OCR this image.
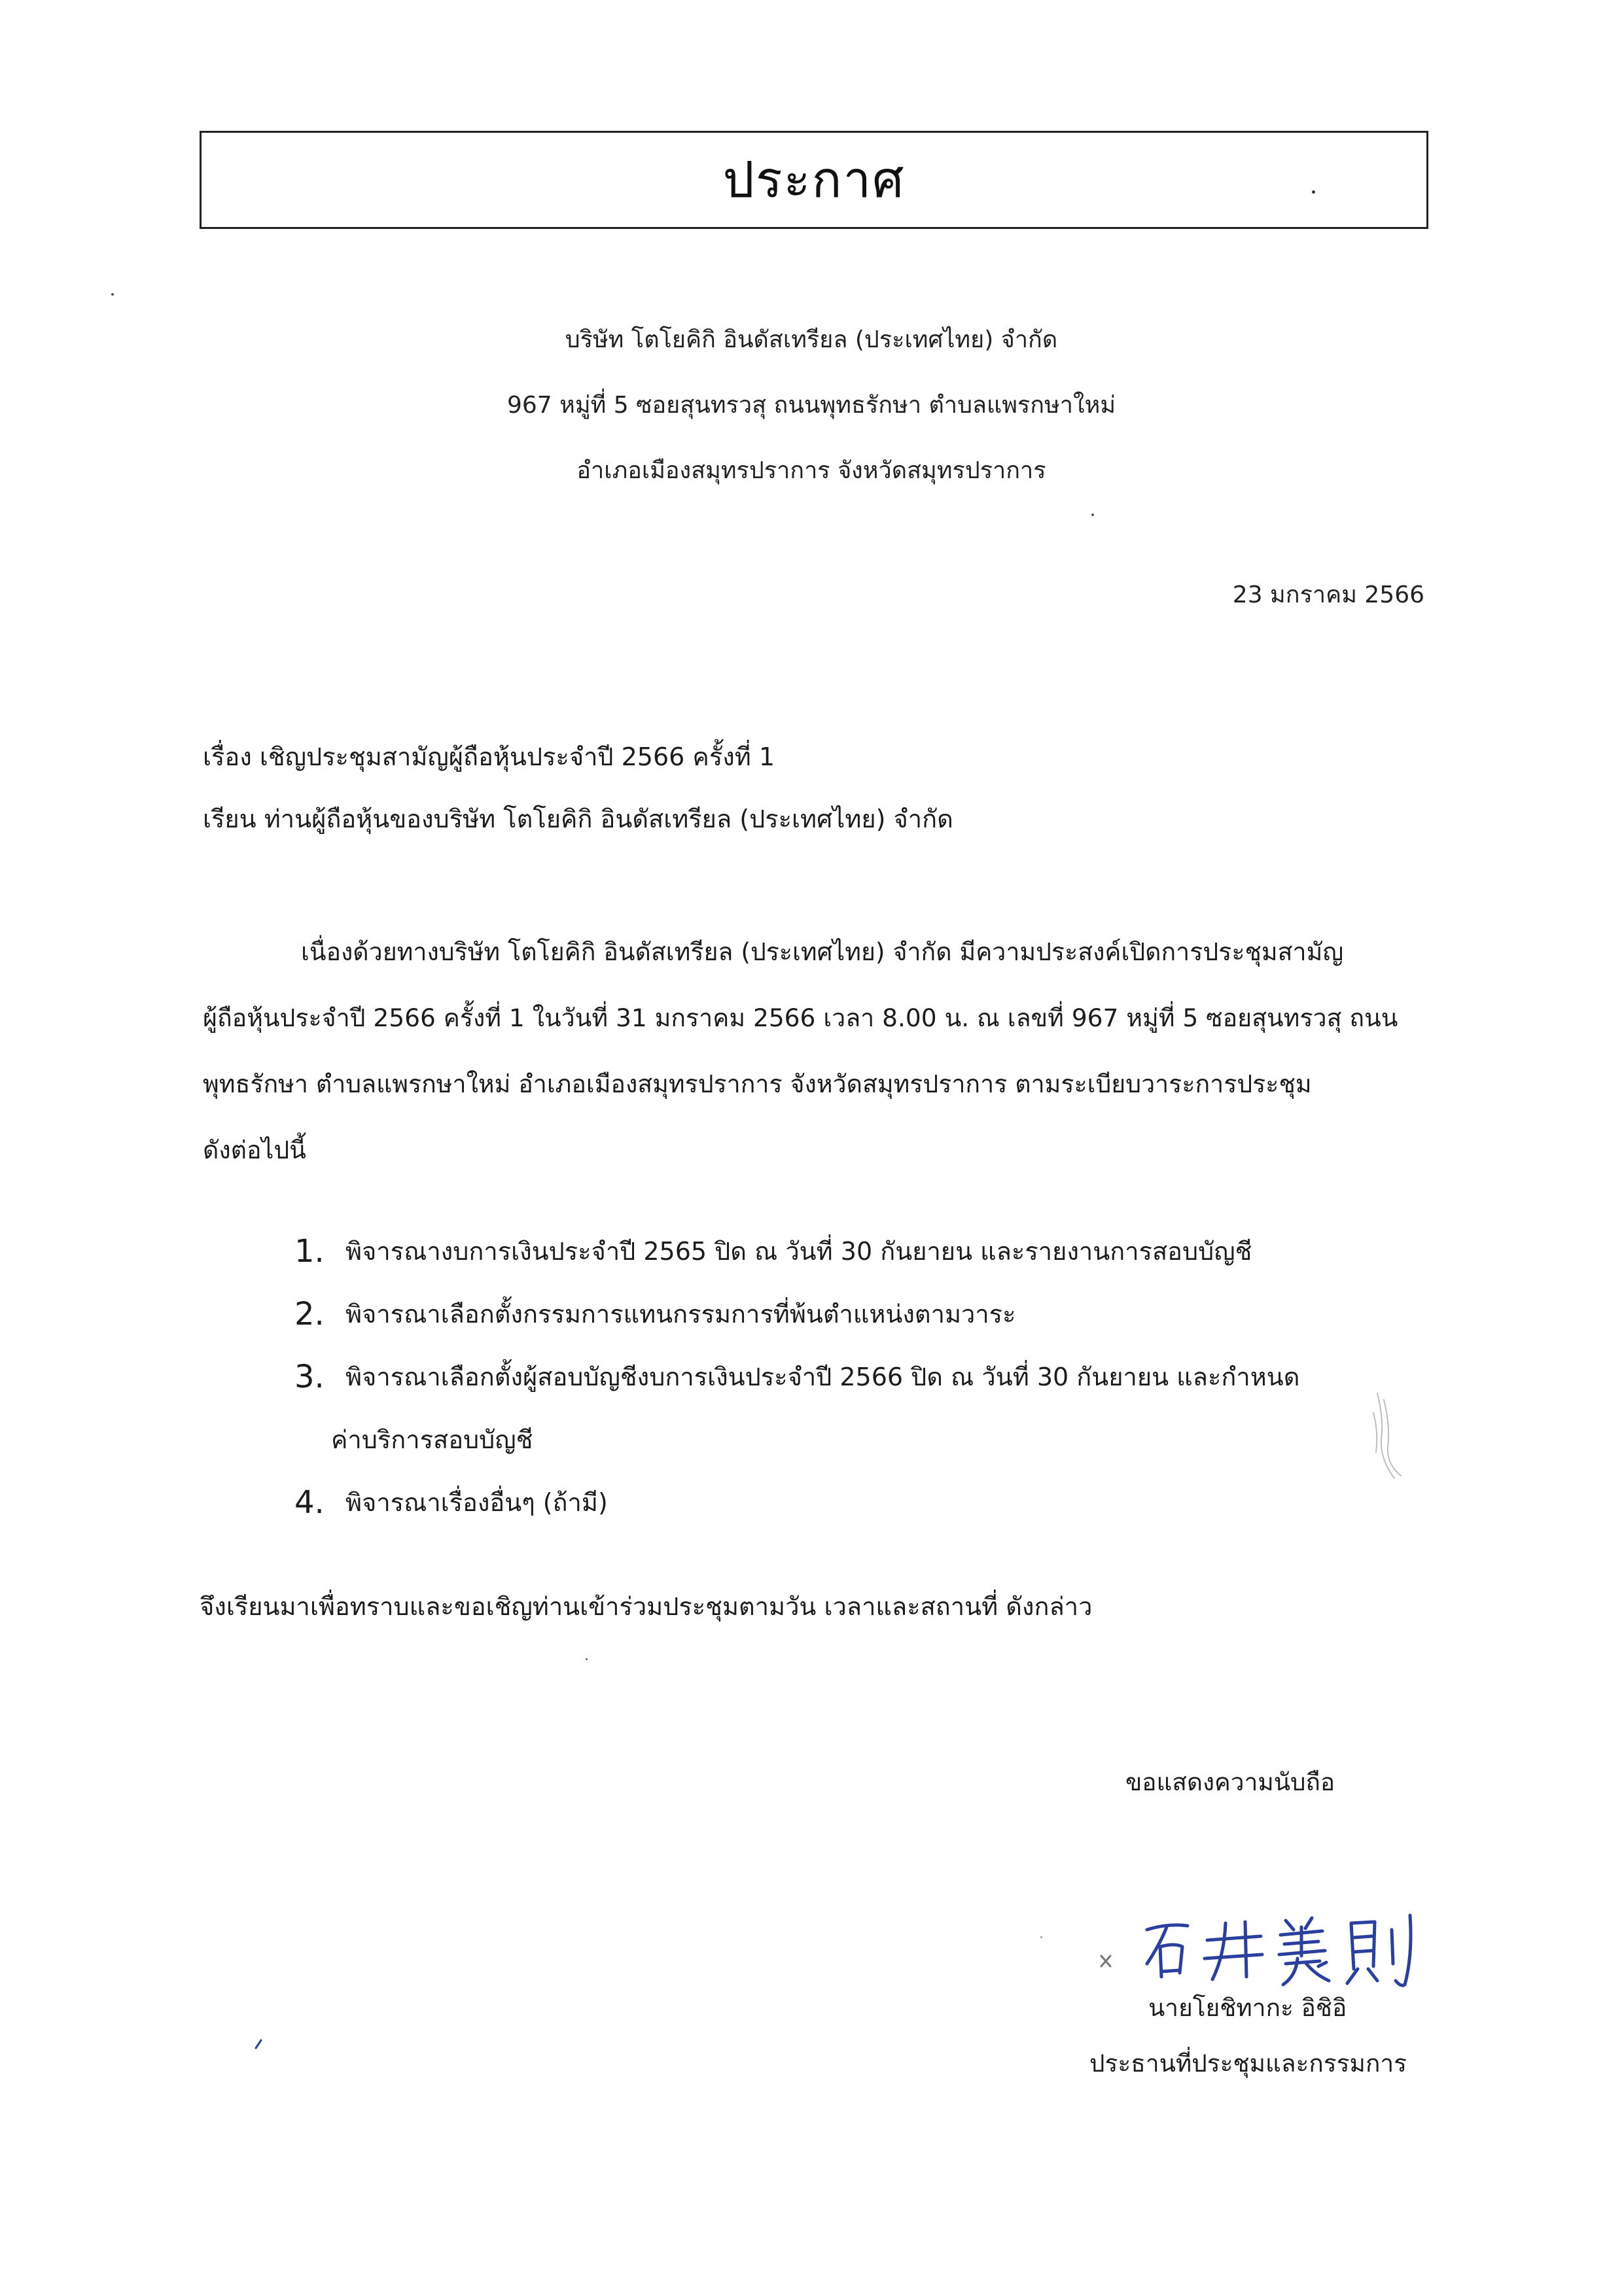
ประกาศ
บริษัท โตโยคิกิ อินดัสเทรียล (ประเทศไทย) จำกัด
967 หมู่ที่ 5 ซอยสุนทรวสุ ถนนพุทธรักษา ตำบลแพรกษาใหม่
อำเภอเมืองสมุทรปราการ จังหวัดสมุทรปราการ
23 มกราคม 2566
เรื่อง เชิญประชุมสามัญผู้ถือหุ้นประจำปี 2566 ครั้งที่ 1
เรียน ท่านผู้ถือหุ้นของบริษัท โตโยคิกิ อินดัสเทรียล (ประเทศไทย) จำกัด
เนื่องด้วยทางบริษัท โตโยคิกิ อินดัสเทรียล (ประเทศไทย) จำกัด มีความประสงค์เปิดการประชุมสามัญ
ผู้ถือหุ้นประจำปี 2566 ครั้งที่ 1 ในวันที่ 31 มกราคม 2566 เวลา 8.00 น. ณ เลขที่ 967 หมู่ที่ 5 ซอยสุนทรวสุ ถนน
พุทธรักษา ตำบลแพรกษาใหม่ อำเภอเมืองสมุทรปราการ จังหวัดสมุทรปราการ ตามระเบียบวาระการประชุม
ดังต่อไปนี้
1. พิจารณางบการเงินประจำปี 2565 ปิด ณ วันที่ 30 กันยายน และรายงานการสอบบัญชี
2. พิจารณาเลือกตั้งกรรมการแทนกรรมการที่พ้นตำแหน่งตามวาระ
3. พิจารณาเลือกตั้งผู้สอบบัญชีงบการเงินประจำปี 2566 ปิด ณ วันที่ 30 กันยายน และกำหนด
ค่าบริการสอบบัญชี
4. พิจารณาเรื่องอื่นๆ (ถ้ามี)
จึงเรียนมาเพื่อทราบและขอเชิญท่านเข้าร่วมประชุมตามวัน เวลาและสถานที่ ดังกล่าว
ขอแสดงความนับถือ
นายโยชิทากะ อิชิอิ
ประธานที่ประชุมและกรรมการ
